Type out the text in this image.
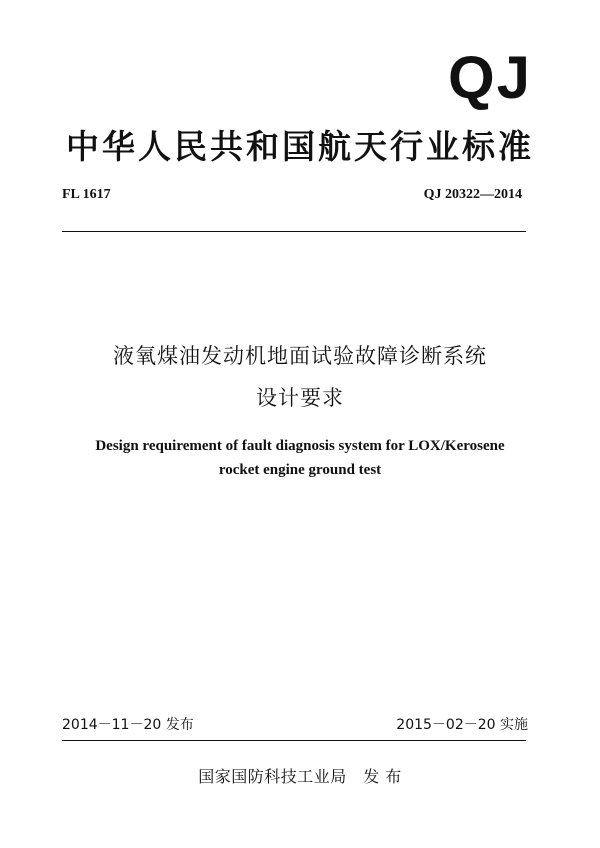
QJ
中华人民共和国航天行业标准
FL 1617	QJ 20322—2014
液氧煤油发动机地面试验故障诊断系统
设计要求
Design requirement of fault diagnosis system for LOX/Kerosene
rocket engine ground test
2014－11－20 发布	2015－02－20 实施
国家国防科技工业局　发 布
